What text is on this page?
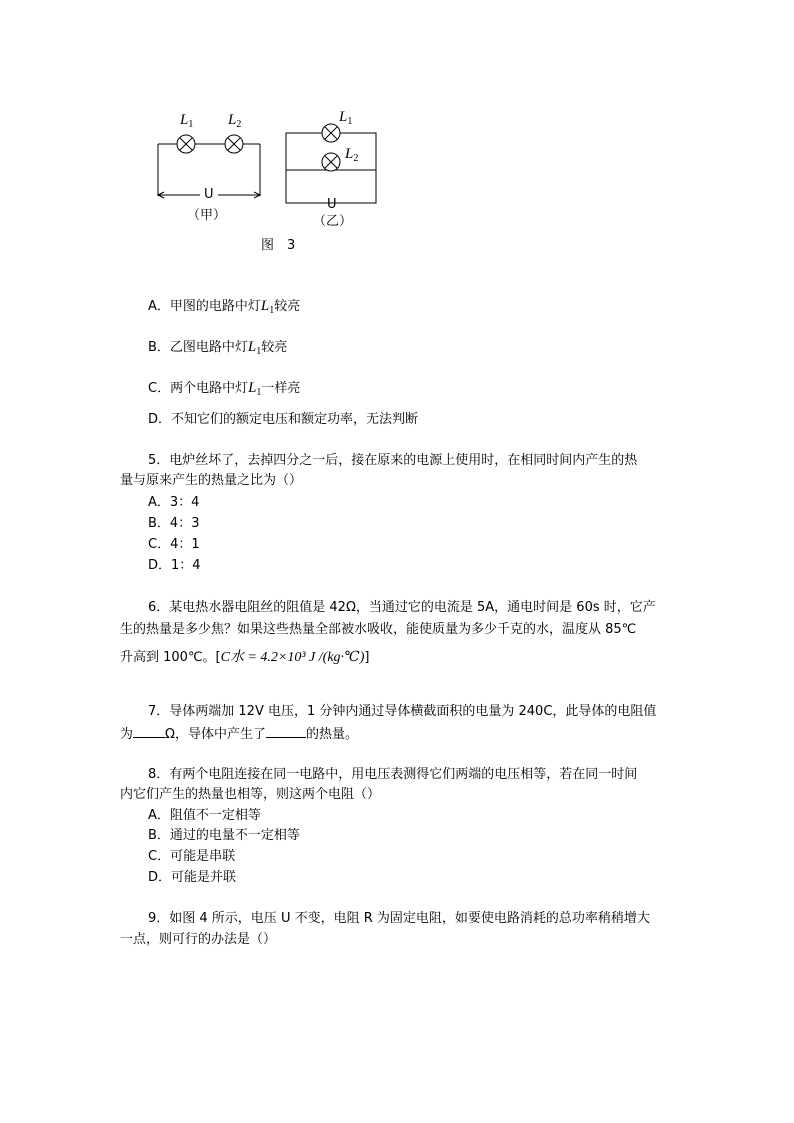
$L_1$ $L_2$
U
（甲）
$L_1$
$L_2$
U
（乙）
图　3
A．甲图的电路中灯$L_1$较亮
B．乙图电路中灯$L_1$较亮
C．两个电路中灯$L_1$一样亮
D．不知它们的额定电压和额定功率，无法判断
5．电炉丝坏了，去掉四分之一后，接在原来的电源上使用时，在相同时间内产生的热
量与原来产生的热量之比为（）
A．3：4
B．4：3
C．4：1
D．1：4
6．某电热水器电阻丝的阻值是 42Ω，当通过它的电流是 5A，通电时间是 60s 时，它产
生的热量是多少焦？如果这些热量全部被水吸收，能使质量为多少千克的水，温度从 85℃
升高到 100℃。[C水 = 4.2×10³ J /(kg·℃)]
7．导体两端加 12V 电压，1 分钟内通过导体横截面积的电量为 240C，此导体的电阻值
为 Ω，导体中产生了	的热量。
8．有两个电阻连接在同一电路中，用电压表测得它们两端的电压相等，若在同一时间
内它们产生的热量也相等，则这两个电阻（）
A．阻值不一定相等
B．通过的电量不一定相等
C．可能是串联
D．可能是并联
9．如图 4 所示，电压 U 不变，电阻 R 为固定电阻，如要使电路消耗的总功率稍稍增大
一点，则可行的办法是（）
